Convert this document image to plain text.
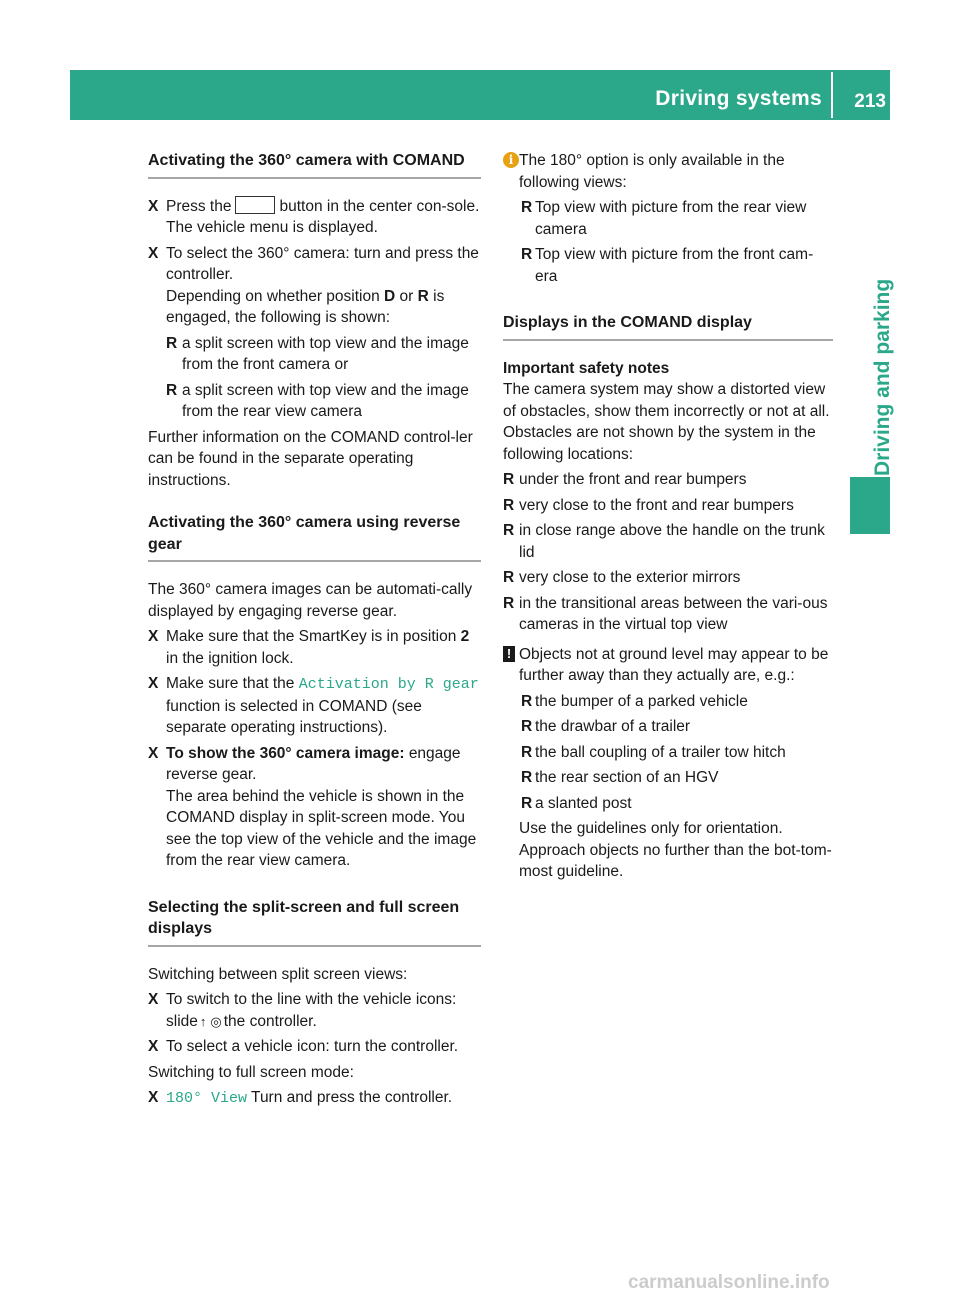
Driving systems 213
Driving and parking
Activating the 360° camera with COMAND
X Press the	button in the center con-sole.
The vehicle menu is displayed.
X To select the 360° camera: turn and press the controller.
Depending on whether position D or R is engaged, the following is shown:
R a split screen with top view and the image from the front camera or
R a split screen with top view and the image from the rear view camera

Further information on the COMAND control-ler can be found in the separate operating instructions.

Activating the 360° camera using reverse gear

The 360° camera images can be automati-cally displayed by engaging reverse gear.

X Make sure that the SmartKey is in position 2 in the ignition lock.
X Make sure that the Activation by R gear function is selected in COMAND (see separate operating instructions).
X To show the 360° camera image: engage reverse gear.
The area behind the vehicle is shown in the COMAND display in split-screen mode. You see the top view of the vehicle and the image from the rear view camera.
Selecting the split-screen and full screen displays

Switching between split screen views:

X To switch to the line with the vehicle icons: slide ↑ ◎ the controller.
X To select a vehicle icon: turn the controller.

Switching to full screen mode:

X 180° View Turn and press the controller.
i The 180° option is only available in the following views:
R Top view with picture from the rear view camera
R Top view with picture from the front cam-era
Displays in the COMAND display
Important safety notes

The camera system may show a distorted view of obstacles, show them incorrectly or not at all. Obstacles are not shown by the system in the following locations:

R under the front and rear bumpers
R very close to the front and rear bumpers
R in close range above the handle on the trunk lid
R very close to the exterior mirrors
R in the transitional areas between the vari-ous cameras in the virtual top view
! Objects not at ground level may appear to be further away than they actually are, e.g.:
R the bumper of a parked vehicle
R the drawbar of a trailer
R the ball coupling of a trailer tow hitch
R the rear section of an HGV
R a slanted post

Use the guidelines only for orientation. Approach objects no further than the bot-tom-most guideline.

carmanualsonline.info
